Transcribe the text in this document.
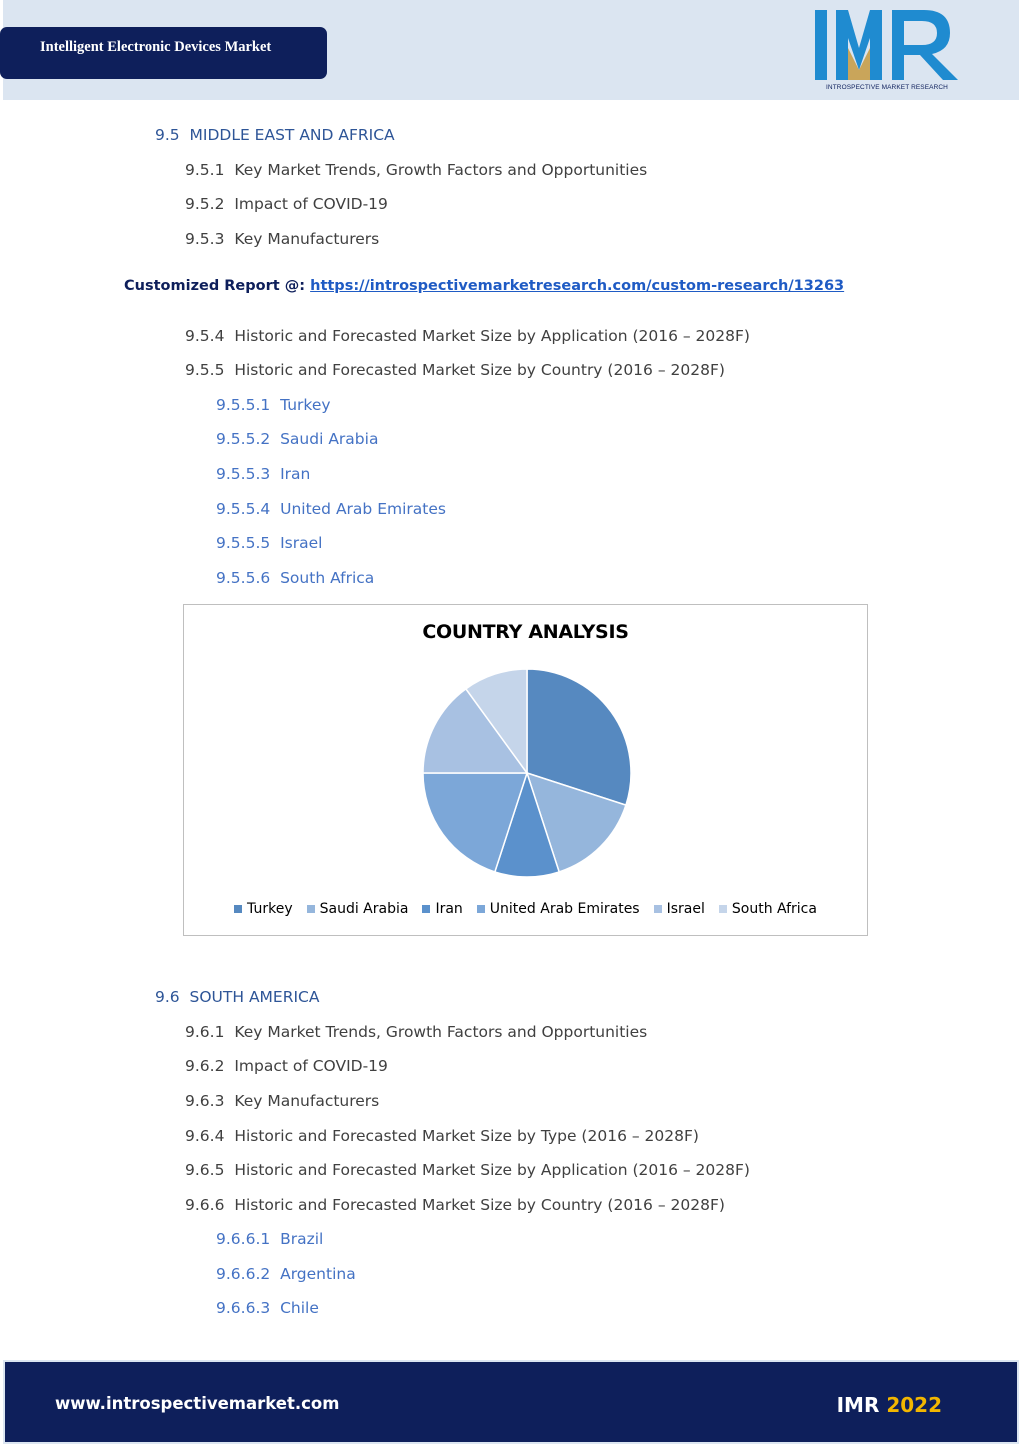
Intelligent Electronic Devices Market
INTROSPECTIVE MARKET RESEARCH
9.5 MIDDLE EAST AND AFRICA
9.5.1 Key Market Trends, Growth Factors and Opportunities
9.5.2 Impact of COVID-19
9.5.3 Key Manufacturers
Customized Report @: https://introspectivemarketresearch.com/custom-research/13263
9.5.4 Historic and Forecasted Market Size by Application (2016 – 2028F)
9.5.5 Historic and Forecasted Market Size by Country (2016 – 2028F)
9.5.5.1 Turkey
9.5.5.2 Saudi Arabia
9.5.5.3 Iran
9.5.5.4 United Arab Emirates
9.5.5.5 Israel
9.5.5.6 South Africa
COUNTRY ANALYSIS
Turkey Saudi Arabia Iran United Arab Emirates Israel South Africa
9.6 SOUTH AMERICA
9.6.1 Key Market Trends, Growth Factors and Opportunities
9.6.2 Impact of COVID-19
9.6.3 Key Manufacturers
9.6.4 Historic and Forecasted Market Size by Type (2016 – 2028F)
9.6.5 Historic and Forecasted Market Size by Application (2016 – 2028F)
9.6.6 Historic and Forecasted Market Size by Country (2016 – 2028F)
9.6.6.1 Brazil
9.6.6.2 Argentina
9.6.6.3 Chile
www.introspectivemarket.com	IMR 2022
